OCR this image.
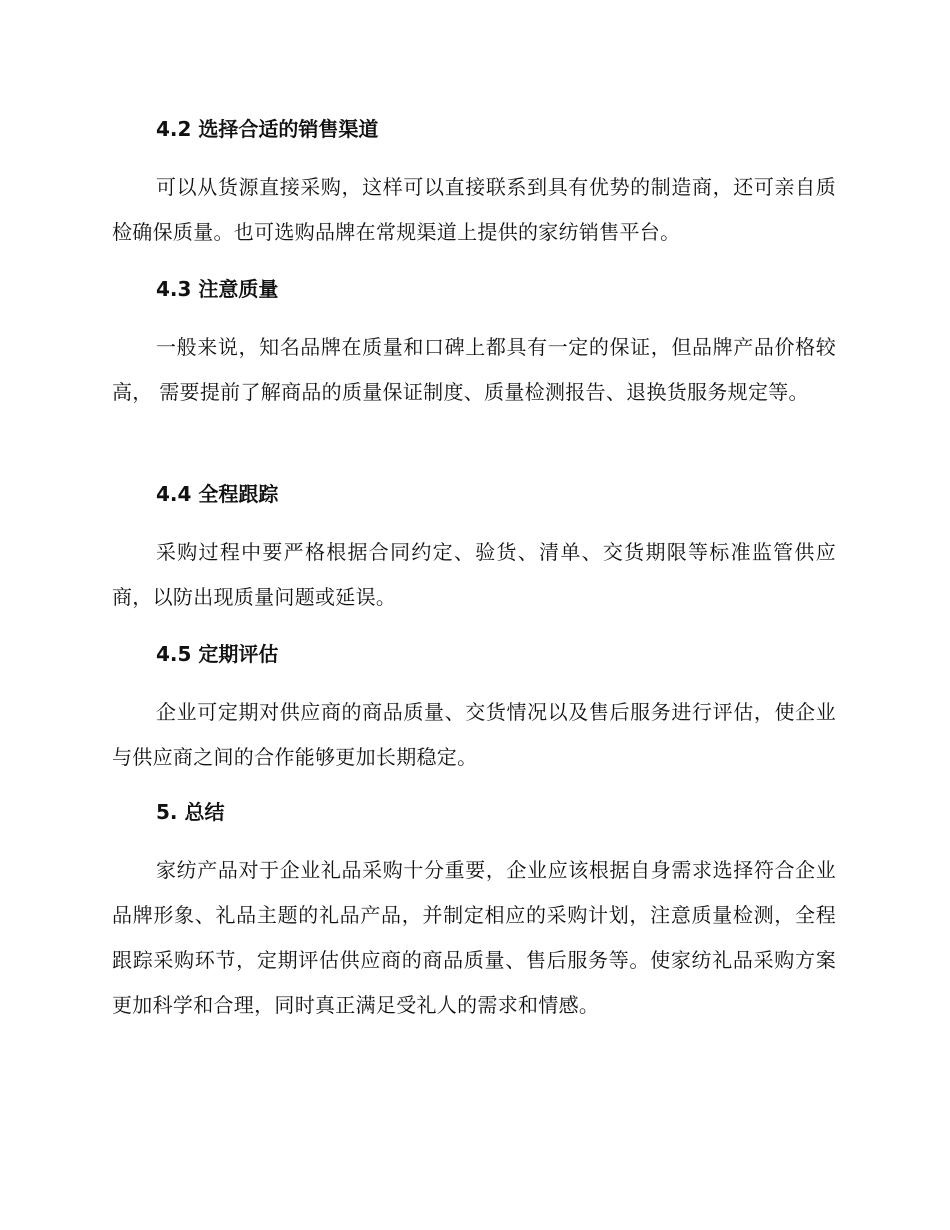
4.2 选择合适的销售渠道

可以从货源直接采购，这样可以直接联系到具有优势的制造商，还可亲自质检确保质量。也可选购品牌在常规渠道上提供的家纺销售平台。

4.3 注意质量

一般来说，知名品牌在质量和口碑上都具有一定的保证，但品牌产品价格较高， 需要提前了解商品的质量保证制度、质量检测报告、退换货服务规定等。

4.4 全程跟踪

采购过程中要严格根据合同约定、验货、清单、交货期限等标准监管供应商，以防出现质量问题或延误。

4.5 定期评估

企业可定期对供应商的商品质量、交货情况以及售后服务进行评估，使企业与供应商之间的合作能够更加长期稳定。

5. 总结

家纺产品对于企业礼品采购十分重要，企业应该根据自身需求选择符合企业品牌形象、礼品主题的礼品产品，并制定相应的采购计划，注意质量检测，全程跟踪采购环节，定期评估供应商的商品质量、售后服务等。使家纺礼品采购方案更加科学和合理，同时真正满足受礼人的需求和情感。
